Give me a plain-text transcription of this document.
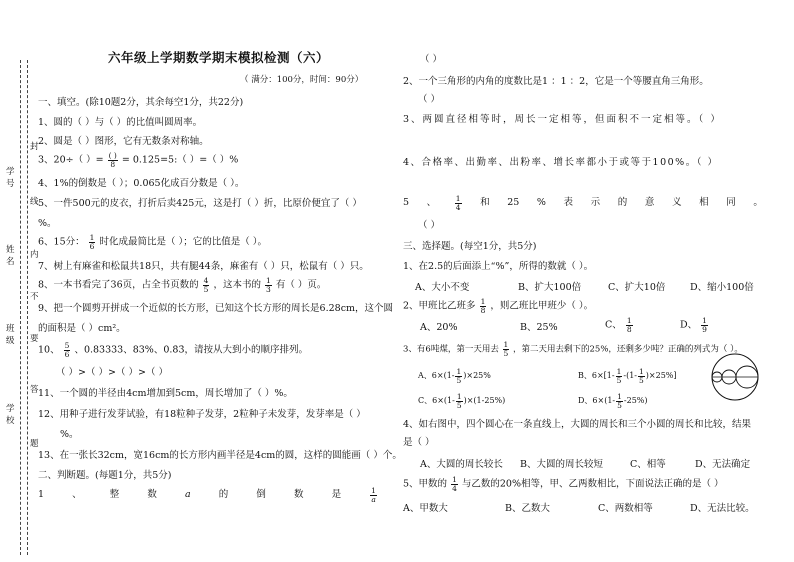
学号
姓名
班级
学校
封
线
内
不
要
答
题
六年级上学期数学期末模拟检测（六）
（ 满分：100分，时间：90分）
一、填空。(除10题2分，其余每空1分，共22分)
1、圆的（ ）与（ ）的比值叫圆周率。
2、圆是（ ）图形，它有无数条对称轴。
3、20÷（ ）= $\frac{( )}{8}$ = 0.125=5:（ ）=（ ）%
4、1%的倒数是（ ）；0.065化成百分数是（ ）。
5、一件500元的皮衣，打折后卖425元，这是打（ ）折，比原价便宜了（ ）
%。
6、15分： $\frac{1}{6}$ 时化成最简比是（ ）；它的比值是（ ）。
7、树上有麻雀和松鼠共18只，共有腿44条，麻雀有（ ）只，松鼠有（ ）只。
8、一本书看完了36页，占全书页数的 $\frac{4}{5}$ ，这本书的 $\frac{1}{3}$ 有（ ）页。
9、把一个圆剪开拼成一个近似的长方形，已知这个长方形的周长是6.28cm，这个圆
的面积是（ ）cm²。
10、 $\frac{5}{6}$ 、0.83333、83%、0.8̇3̇，请按从大到小的顺序排列。
（ ）>（ ）>（ ）>（ ）
11、一个圆的半径由4cm增加到5cm，周长增加了（ ）%。
12、用种子进行发芽试验，有18粒种子发芽，2粒种子未发芽，发芽率是（ ）
%。
13、在一张长32cm，宽16cm的长方形内画半径是4cm的圆，这样的圆能画（ ）个。
二、判断题。(每题1分，共5分)
1	、	整	数	a	的	倒	数	是	$\frac{1}{a}$
（ ）
2、一个三角形的内角的度数比是1 ：1 ：2，它是一个等腰直角三角形。
（ ）
3、两圆直径相等时，周长一定相等，但面积不一定相等。（ ）
4、合格率、出勤率、出粉率、增长率都小于或等于100%。（ ）
5 、 $\frac{1}{4}$ 和 25 % 表 示 的 意 义 相 同 。
（ ）
三、选择题。(每空1分，共5分)
1、在2.5的后面添上“%”，所得的数就（ ）。
A、大小不变	B、扩大100倍	C、扩大10倍	D、缩小100倍
2、甲班比乙班多 $\frac{1}{8}$ ，则乙班比甲班少（ ）。
A、20%	B、25%	C、 $\frac{1}{8}$	D、 $\frac{1}{9}$
3、有6吨煤，第一天用去 $\frac{1}{5}$ ，第二天用去剩下的25%，还剩多少吨？正确的列式为（ ）。
A、$6\times(1- \frac{1}{5} )\times 25\%$	B、$6\times[1- \frac{1}{5} -(1- \frac{1}{5} )\times 25\%]$
C、$6\times(1- \frac{1}{5} )\times(1-25\%)$	D、$6\times(1- \frac{1}{5} -25\%)$
4、如右图中，四个圆心在一条直线上，大圆的周长和三个小圆的周长和比较，结果
是（ ）
A、大圆的周长较长 B、大圆的周长较短	C、相等	D、无法确定
5、甲数的 $\frac{1}{4}$ 与乙数的20%相等，甲、乙两数相比，下面说法正确的是（ ）
A、甲数大	B、乙数大	C、两数相等	D、无法比较。
